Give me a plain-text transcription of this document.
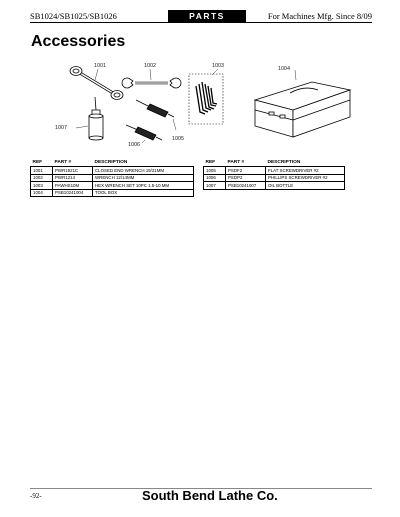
SB1024/SB1025/SB1026	PARTS	For Machines Mfg. Since 8/09
Accessories
1001	1002	1003	1004
1005
1006
1007
REF	PART #	DESCRIPTION
1001	PWR1921C	CLOSED END WRENCH 19/21MM
1002	PWR1214	WRENCH 12/14MM
1003	PAWHS10M	HEX WRENCH SET 10PC 1.5-10 MM
1004	PSB10241004	TOOL BOX
REF	PART #	DESCRIPTION
1005	PSDF2	FLAT SCREWDRIVER #2
1006	PSDP2	PHILLIPS SCREWDRIVER #2
1007	PSB10241007	OIL BOTTLE
-92-	South Bend Lathe Co.
